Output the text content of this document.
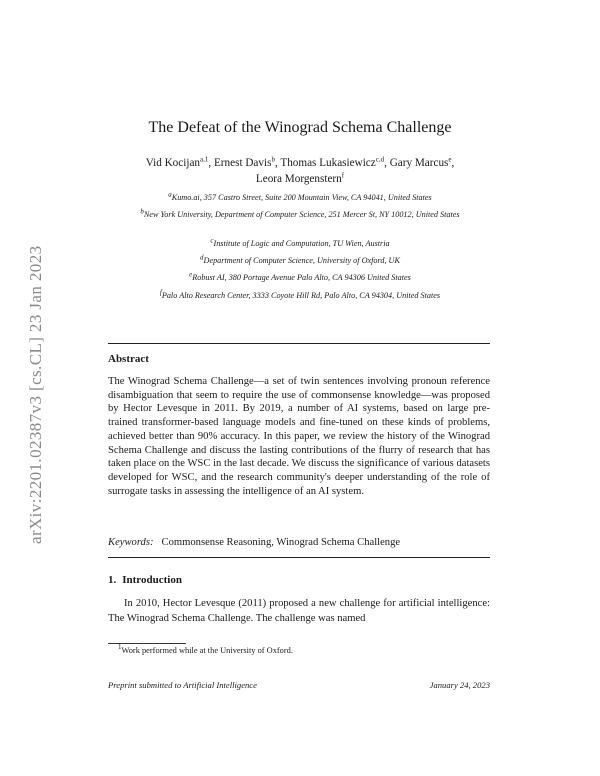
arXiv:2201.02387v3 [cs.CL] 23 Jan 2023
The Defeat of the Winograd Schema Challenge
Vid Kocijan$^{a,1}$, Ernest Davis$^b$, Thomas Lukasiewicz$^{c,d}$, Gary Marcus$^e$,
Leora Morgenstern$^f$
$^a$Kumo.ai, 357 Castro Street, Suite 200 Mountain View, CA 94041, United States
$^b$New York University, Department of Computer Science, 251 Mercer St, NY 10012, United States
$^c$Institute of Logic and Computation, TU Wien, Austria
$^d$Department of Computer Science, University of Oxford, UK
$^e$Robust AI, 380 Portage Avenue Palo Alto, CA 94306 United States
$^f$Palo Alto Research Center, 3333 Coyote Hill Rd, Palo Alto, CA 94304, United States
Abstract
The Winograd Schema Challenge—a set of twin sentences involving pronoun reference disambiguation that seem to require the use of commonsense knowledge—was proposed by Hector Levesque in 2011. By 2019, a number of AI systems, based on large pre-trained transformer-based language models and fine-tuned on these kinds of problems, achieved better than 90% accuracy. In this paper, we review the history of the Winograd Schema Challenge and discuss the lasting contributions of the flurry of research that has taken place on the WSC in the last decade. We discuss the significance of various datasets developed for WSC, and the research community's deeper understanding of the role of surrogate tasks in assessing the intelligence of an AI system.
Keywords: Commonsense Reasoning, Winograd Schema Challenge
1. Introduction
In 2010, Hector Levesque (2011) proposed a new challenge for artificial intelligence: The Winograd Schema Challenge. The challenge was named
$^1$Work performed while at the University of Oxford.
Preprint submitted to Artificial Intelligence	January 24, 2023
